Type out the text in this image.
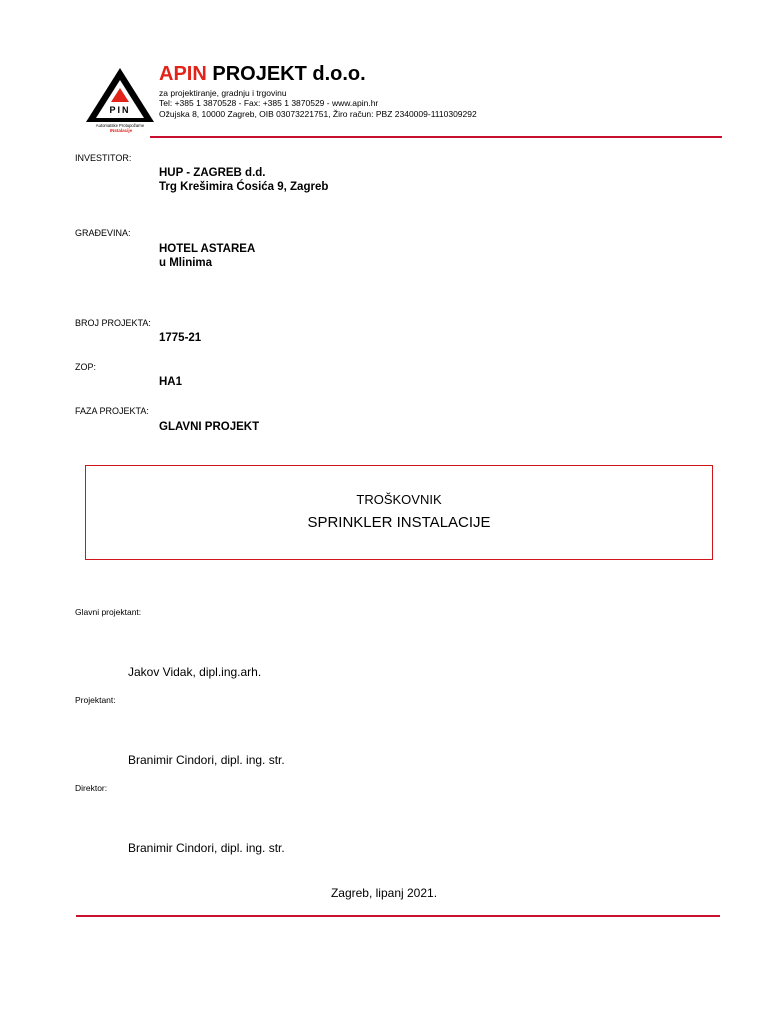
PIN
Automatske Protupožarne
INstalacije
APIN PROJEKT d.o.o.
za projektiranje, gradnju i trgovinu
Tel: +385 1 3870528 - Fax: +385 1 3870529 - www.apin.hr
Ožujska 8, 10000 Zagreb, OIB 03073221751, Žiro račun: PBZ 2340009-1110309292
INVESTITOR:
HUP - ZAGREB d.d.
Trg Krešimira Ćosića 9, Zagreb
GRAĐEVINA:
HOTEL ASTAREA
u Mlinima
BROJ PROJEKTA:
1775-21
ZOP:
HA1
FAZA PROJEKTA:
GLAVNI PROJEKT
TROŠKOVNIK
SPRINKLER INSTALACIJE
Glavni projektant:
Jakov Vidak, dipl.ing.arh.
Projektant:
Branimir Cindori, dipl. ing. str.
Direktor:
Branimir Cindori, dipl. ing. str.
Zagreb, lipanj 2021.
